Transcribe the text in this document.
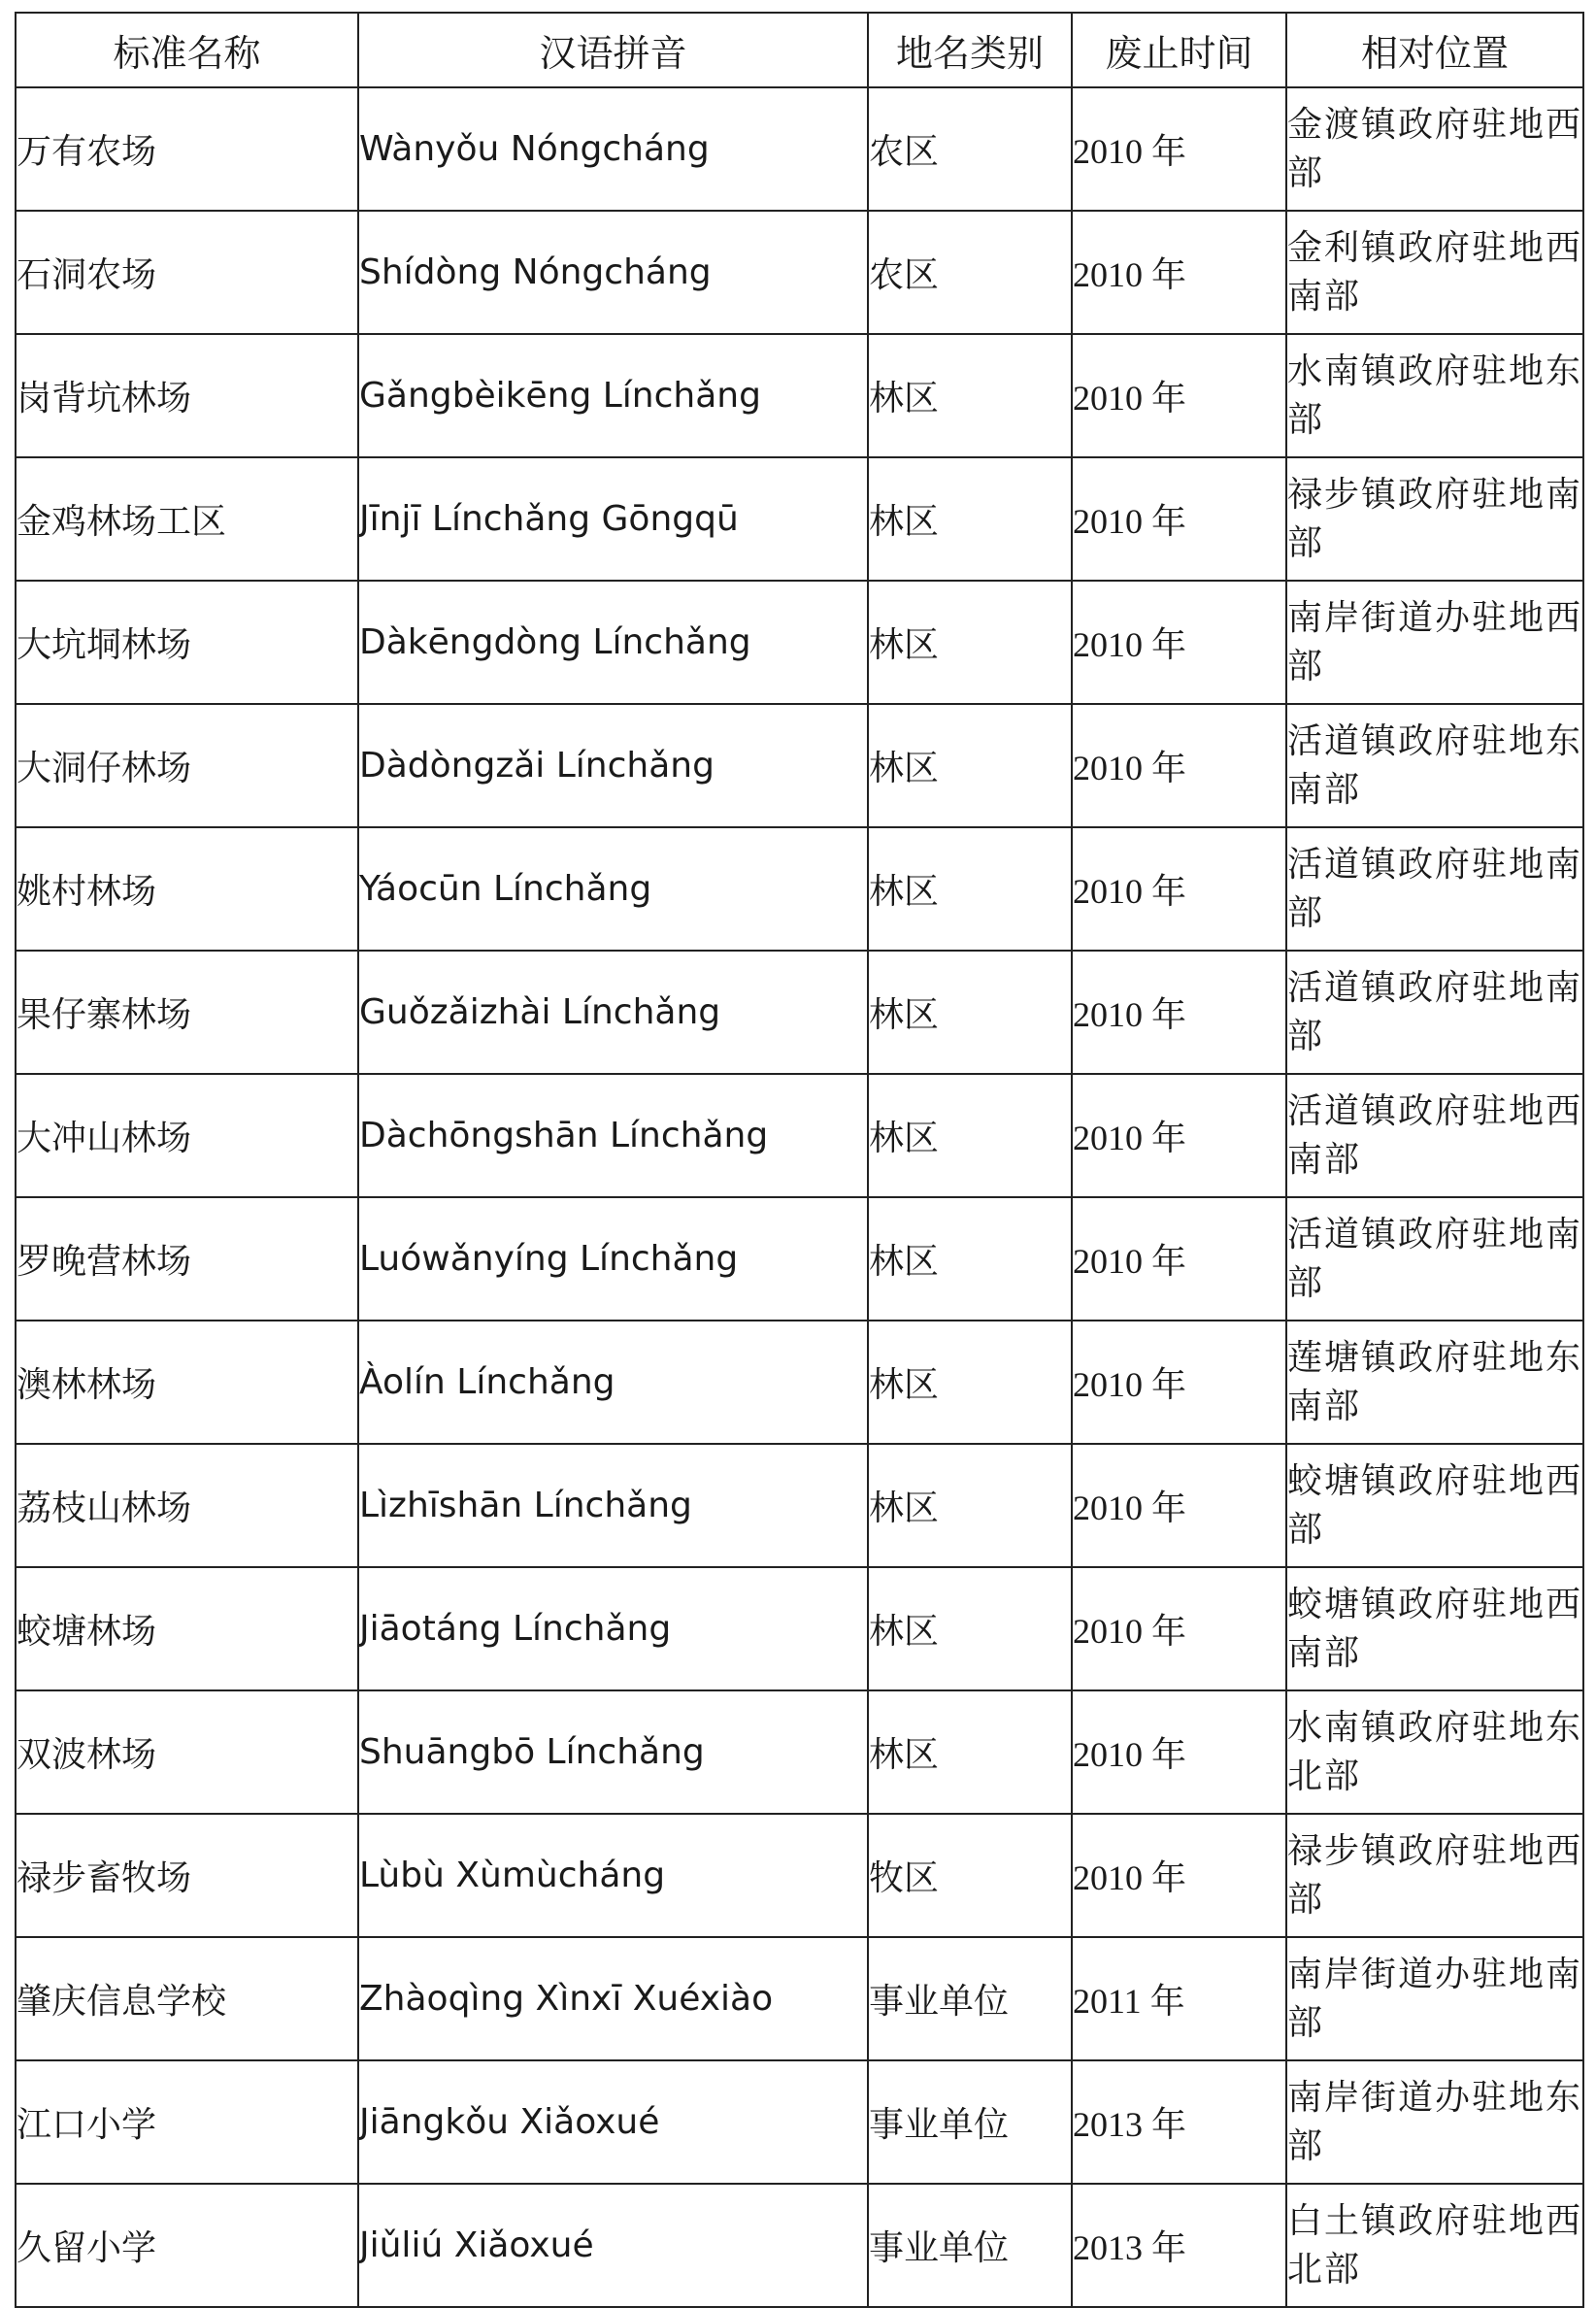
标准名称	汉语拼音	地名类别	废止时间	相对位置
万有农场	Wànyǒu Nóngcháng	农区	2010 年	金渡镇政府驻地西部
石洞农场	Shídòng Nóngcháng	农区	2010 年	金利镇政府驻地西南部
岗背坑林场	Gǎngbèikēng Línchǎng	林区	2010 年	水南镇政府驻地东部
金鸡林场工区	Jīnjī Línchǎng Gōngqū	林区	2010 年	禄步镇政府驻地南部
大坑垌林场	Dàkēngdòng Línchǎng	林区	2010 年	南岸街道办驻地西部
大洞仔林场	Dàdòngzǎi Línchǎng	林区	2010 年	活道镇政府驻地东南部
姚村林场	Yáocūn Línchǎng	林区	2010 年	活道镇政府驻地南部
果仔寨林场	Guǒzǎizhài Línchǎng	林区	2010 年	活道镇政府驻地南部
大冲山林场	Dàchōngshān Línchǎng	林区	2010 年	活道镇政府驻地西南部
罗晚营林场	Luówǎnyíng Línchǎng	林区	2010 年	活道镇政府驻地南部
澳林林场	Àolín Línchǎng	林区	2010 年	莲塘镇政府驻地东南部
荔枝山林场	Lìzhīshān Línchǎng	林区	2010 年	蛟塘镇政府驻地西部
蛟塘林场	Jiāotáng Línchǎng	林区	2010 年	蛟塘镇政府驻地西南部
双波林场	Shuāngbō Línchǎng	林区	2010 年	水南镇政府驻地东北部
禄步畜牧场	Lùbù Xùmùcháng	牧区	2010 年	禄步镇政府驻地西部
肇庆信息学校	Zhàoqìng Xìnxī Xuéxiào	事业单位	2011 年	南岸街道办驻地南部
江口小学	Jiāngkǒu Xiǎoxué	事业单位	2013 年	南岸街道办驻地东部
久留小学	Jiǔliú Xiǎoxué	事业单位	2013 年	白土镇政府驻地西北部
